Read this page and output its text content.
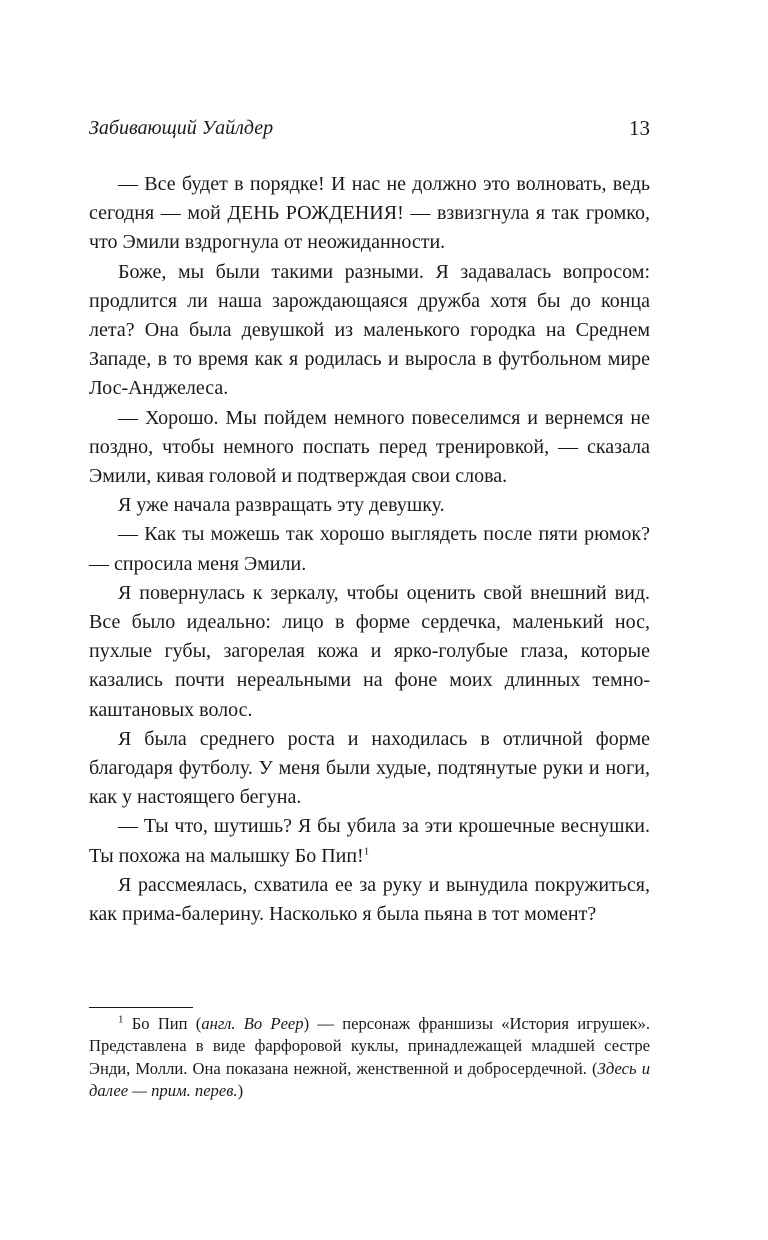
Забивающий Уайлдер	13

— Все будет в порядке! И нас не должно это волновать, ведь сегодня — мой ДЕНЬ РОЖДЕНИЯ! — взвизгнула я так громко, что Эмили вздрогнула от неожиданности.

Боже, мы были такими разными. Я задавалась вопросом: продлится ли наша зарождающаяся дружба хотя бы до конца лета? Она была девушкой из маленького городка на Среднем Западе, в то время как я родилась и выросла в футбольном мире Лос-Анджелеса.

— Хорошо. Мы пойдем немного повеселимся и вернемся не поздно, чтобы немного поспать перед тренировкой, — сказала Эмили, кивая головой и подтверждая свои слова.

Я уже начала развращать эту девушку.

— Как ты можешь так хорошо выглядеть после пяти рюмок? — спросила меня Эмили.

Я повернулась к зеркалу, чтобы оценить свой внешний вид. Все было идеально: лицо в форме сердечка, маленький нос, пухлые губы, загорелая кожа и ярко-голубые глаза, которые казались почти нереальными на фоне моих длинных темно-каштановых волос.

Я была среднего роста и находилась в отличной форме благодаря футболу. У меня были худые, подтянутые руки и ноги, как у настоящего бегуна.

— Ты что, шутишь? Я бы убила за эти крошечные веснушки. Ты похожа на малышку Бо Пип!$^1$

Я рассмеялась, схватила ее за руку и вынудила покружиться, как прима-балерину. Насколько я была пьяна в тот момент?

$^1$ Бо Пип (англ. Bo Peep) — персонаж франшизы «История игрушек». Представлена в виде фарфоровой куклы, принадлежащей младшей сестре Энди, Молли. Она показана нежной, женственной и добросердечной. (Здесь и далее — прим. перев.)
